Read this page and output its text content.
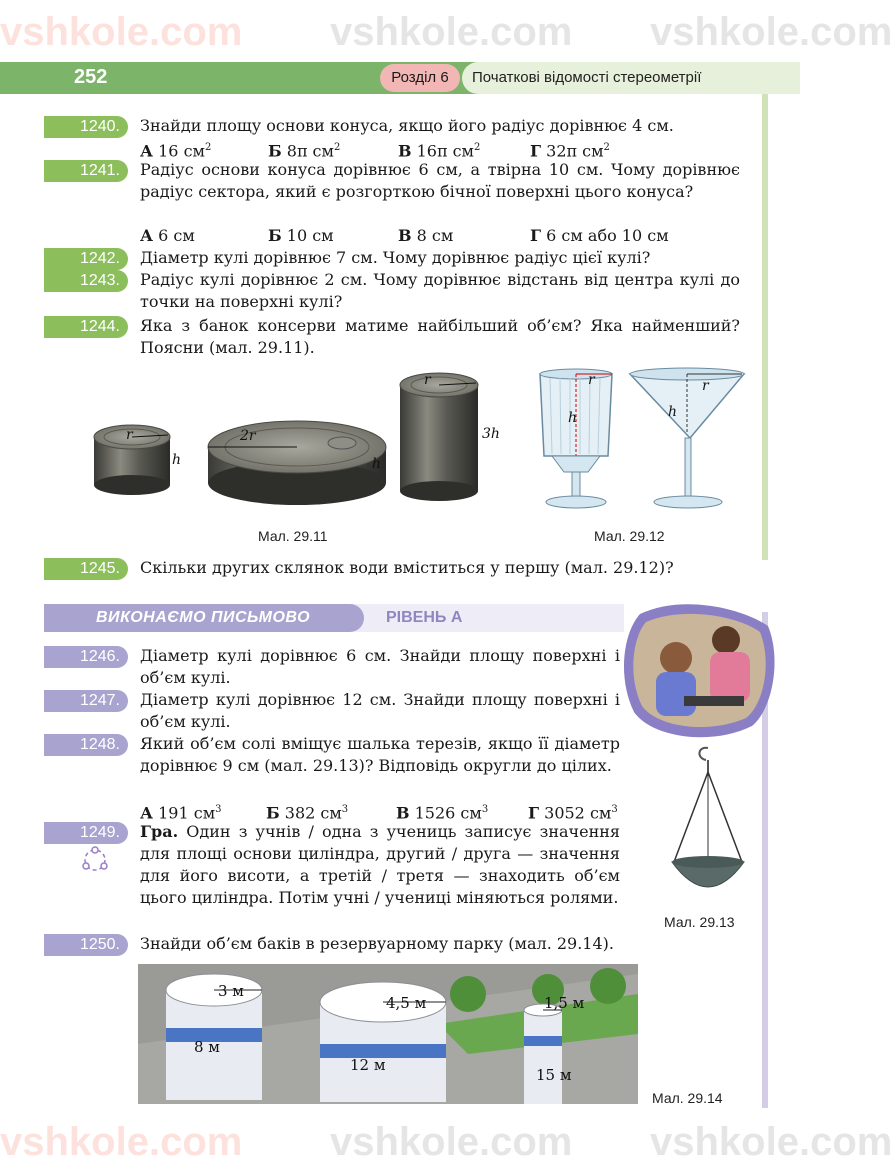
vshkole.com vshkole.com vshkole.com
vshkole.com vshkole.com vshkole.com
252	Розділ 6	Початкові відомості стереометрії
1240.	Знайди площу основи конуса, якщо його радіус дорівнює 4 см.
А 16 $см^2$	Б 8π $см^2$	В 16π $см^2$	Г 32π $см^2$
1241.	Радіус основи конуса дорівнює 6 см, а твірна 10 см. Чому дорівнює радіус сектора, який є розгорткою бічної поверхні цього конуса?
А 6 см	Б 10 см	В 8 см	Г 6 см або 10 см
1242.	Діаметр кулі дорівнює 7 см. Чому дорівнює радіус цієї кулі?
1243.	Радіус кулі дорівнює 2 см. Чому дорівнює відстань від центра кулі до точки на поверхні кулі?
1244.	Яка з банок консерви матиме найбільший об’єм? Яка найменший? Поясни (мал. 29.11).
r
h
2r
h
r
3h
Мал. 29.11
r
h
r
h
Мал. 29.12
1245.	Скільки других склянок води вміститься у першу (мал. 29.12)?
ВИКОНАЄМО ПИСЬМОВО	РІВЕНЬ А
1246.	Діаметр кулі дорівнює 6 см. Знайди площу поверхні і об’єм кулі.
1247.	Діаметр кулі дорівнює 12 см. Знайди площу поверхні і об’єм кулі.
1248.	Який об’єм солі вміщує шалька терезів, якщо її діаметр дорівнює 9 см (мал. 29.13)? Відповідь округли до цілих.
А 191 $см^3$	Б 382 $см^3$	В 1526 $см^3$ Г 3052 $см^3$
Мал. 29.13
1249.	Гра. Один з учнів / одна з учениць записує значення для площі основи циліндра, другий / друга — значення для його висоти, а третій / третя — знаходить об’єм цього циліндра. Потім учні / учениці міняються ролями.
1250.	Знайди об’єм баків в резервуарному парку (мал. 29.14).
3 м
8 м
4,5 м
12 м
1,5 м
15 м
Мал. 29.14
